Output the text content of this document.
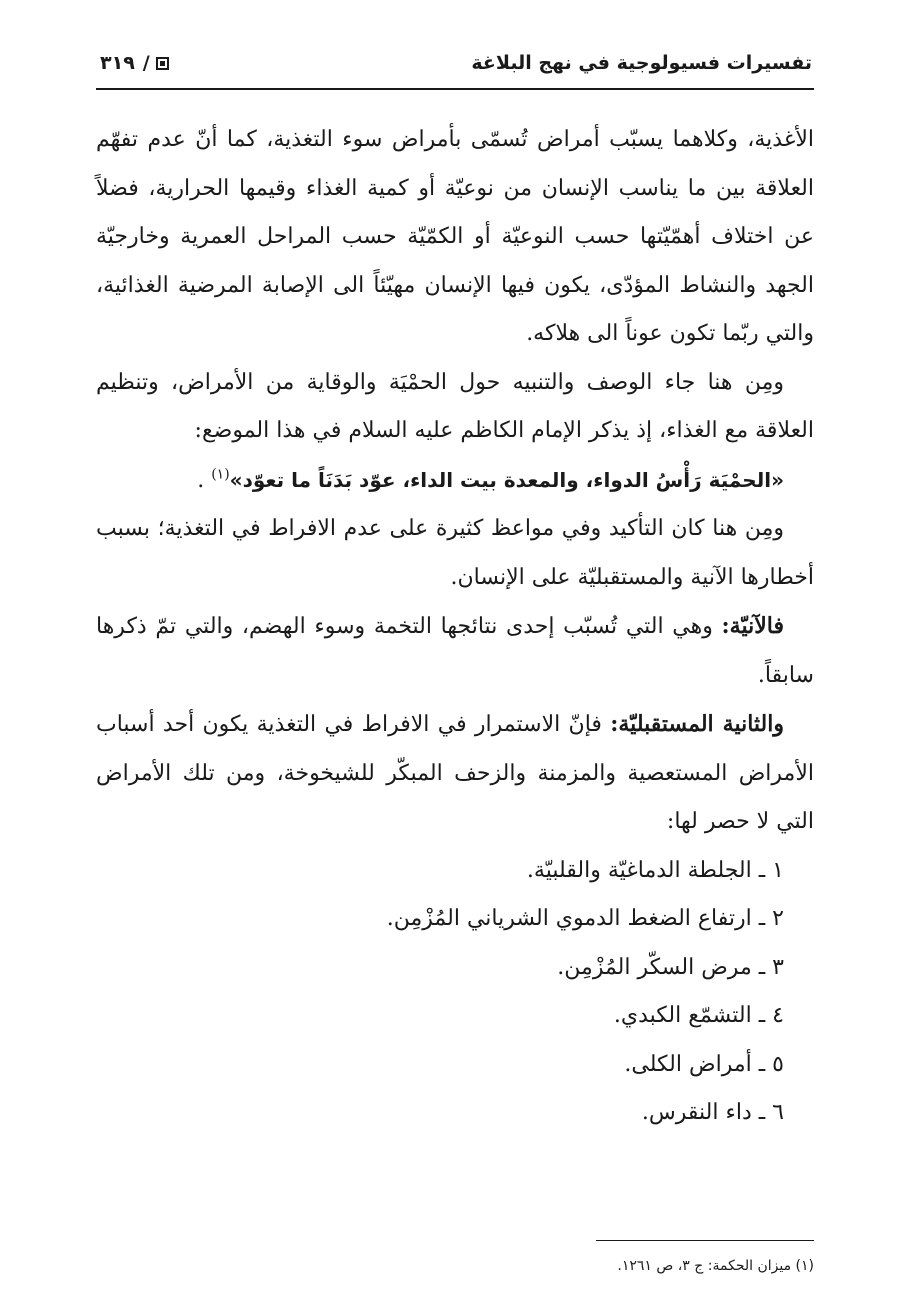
تفسيرات فسيولوجية في نهج البلاغة
/٣١٩

الأغذية، وكلاهما يسبّب أمراض تُسمّى بأمراض سوء التغذية، كما أنّ عدم تفهّم العلاقة بين ما يناسب الإنسان من نوعيّة أو كمية الغذاء وقيمها الحرارية، فضلاً عن اختلاف أهمّيّتها حسب النوعيّة أو الكمّيّة حسب المراحل العمرية وخارجيّة الجهد والنشاط المؤدّى، يكون فيها الإنسان مهيّئاً الى الإصابة المرضية الغذائية، والتي ربّما تكون عوناً الى هلاكه.

ومِن هنا جاء الوصف والتنبيه حول الحمْيَة والوقاية من الأمراض، وتنظيم العلاقة مع الغذاء، إذ يذكر الإمام الكاظم عليه السلام في هذا الموضع:

«الحمْيَة رَأْسُ الدواء، والمعدة بيت الداء، عوّد بَدَنَاً ما تعوّد»$^{(١)}$ .

ومِن هنا كان التأكيد وفي مواعظ كثيرة على عدم الافراط في التغذية؛ بسبب أخطارها الآنية والمستقبليّة على الإنسان.

فالآنيّة: وهي التي تُسبّب إحدى نتائجها التخمة وسوء الهضم، والتي تمّ ذكرها سابقاً.

والثانية المستقبليّة: فإنّ الاستمرار في الافراط في التغذية يكون أحد أسباب الأمراض المستعصية والمزمنة والزحف المبكّر للشيخوخة، ومن تلك الأمراض التي لا حصر لها:

١ ـ الجلطة الدماغيّة والقلبيّة.
٢ ـ ارتفاع الضغط الدموي الشرياني المُزْمِن.
٣ ـ مرض السكّر المُزْمِن.
٤ ـ التشمّع الكبدي.
٥ ـ أمراض الكلى.
٦ ـ داء النقرس.
(١) ميزان الحكمة: ج ٣، ص ١٢٦١.
